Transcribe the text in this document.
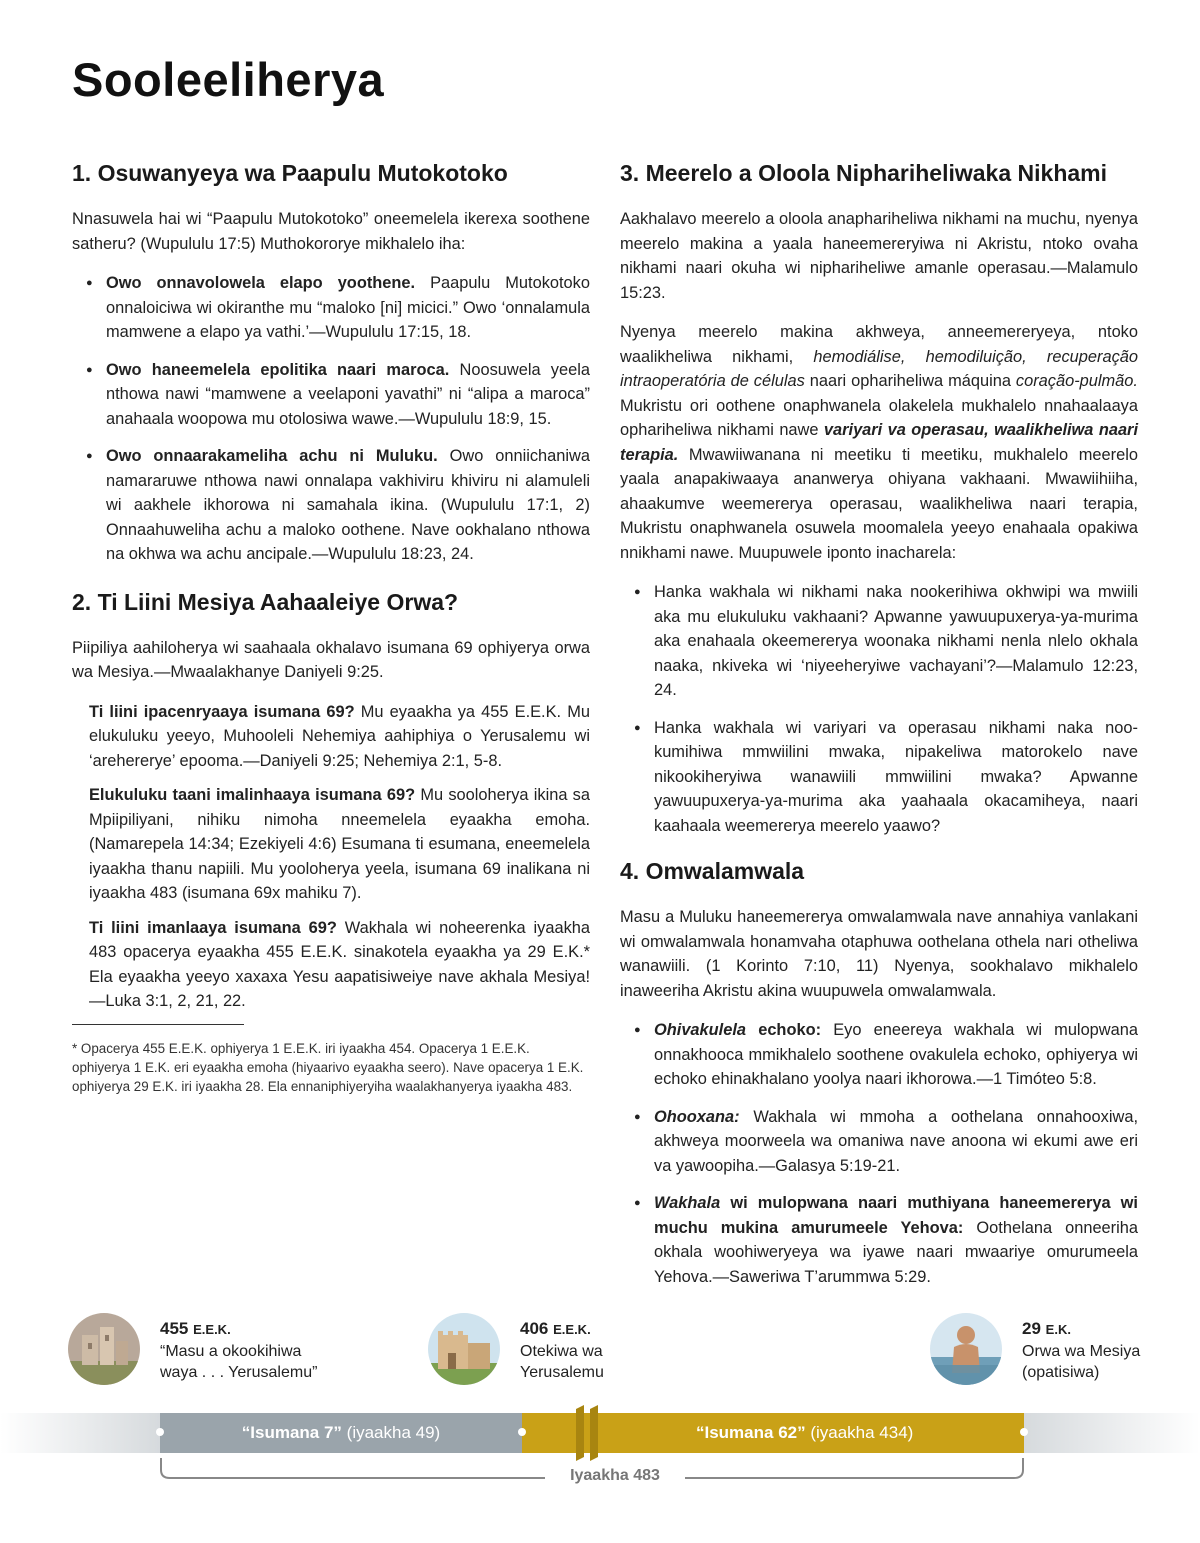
Sooleeliherya
1. Osuwanyeya wa Paapulu Mutokotoko

Nnasuwela hai wi “Paapulu Mutokotoko” oneemelela ikerexa soothene satheru? (Wupululu 17:5) Muthokororye mikhalelo iha:

● Owo onnavolowela elapo yoothene. Paapulu Mutokotoko onnaloiciwa wi okiranthe mu “maloko [ni] micici.” Owo ‘onnalamula mamwene a elapo ya vathi.’—Wupululu 17:15, 18.
● Owo haneemelela epolitika naari maroca. Noosuwela yeela nthowa nawi “mamwene a veelaponi yavathi” ni “alipa a maroca” anahaala woopowa mu otolosiwa wawe.—Wupululu 18:9, 15.
● Owo onnaarakameliha achu ni Muluku. Owo onniichaniwa namararuwe nthowa nawi onnalapa vakhiviru khiviru ni alamuleli wi aakhele ikhorowa ni samahala ikina. (Wupululu 17:1, 2) Onnaahuweliha achu a maloko oothene. Nave ookhalano nthowa na okhwa wa achu ancipale.—Wupululu 18:23, 24.
2. Ti Liini Mesiya Aahaaleiye Orwa?

Piipiliya aahiloherya wi saahaala okhalavo isumana 69 ophiyerya orwa wa Mesiya.—Mwaalakhanye Daniyeli 9:25.

Ti liini ipacenryaaya isumana 69? Mu eyaakha ya 455 E.E.K. Mu elukuluku yeeyo, Muhooleli Nehemiya aahiphiya o Yerusalemu wi ‘arehererye’ epooma.—Daniyeli 9:25; Nehemiya 2:1, 5-8.
Elukuluku taani imalinhaaya isumana 69? Mu sooloherya ikina sa Mpiipiliyani, nihiku nimoha nneemelela eyaakha emoha. (Namarepela 14:34; Ezekiyeli 4:6) Esumana ti esumana, eneemelela iyaakha thanu napiili. Mu yooloherya yeela, isumana 69 inalikana ni iyaakha 483 (isumana 69x mahiku 7).
Ti liini imanlaaya isumana 69? Wakhala wi noheerenka iyaakha 483 opacerya eyaakha 455 E.E.K. sinakotela eyaakha ya 29 E.K.* Ela eyaakha yeeyo xaxaxa Yesu aapatisiweiye nave akhala Mesiya!—Luka 3:1, 2, 21, 22.

* Opacerya 455 E.E.K. ophiyerya 1 E.E.K. iri iyaakha 454. Opacerya 1 E.E.K. ophiyerya 1 E.K. eri eyaakha emoha (hiyaarivo eyaakha seero). Nave opacerya 1 E.K. ophiyerya 29 E.K. iri iyaakha 28. Ela ennaniphiyeryiha waalakhanyerya iyaakha 483.

3. Meerelo a Oloola Niphariheliwaka Nikhami

Aakhalavo meerelo a oloola anaphariheliwa nikhami na muchu, nyenya meerelo makina a yaala haneemereryiwa ni Akristu, ntoko ovaha nikhami naari okuha wi niphariheliwe amanle operasau.—Malamulo 15:23.

Nyenya meerelo makina akhweya, anneemereryeya, ntoko waalikheliwa nikhami, hemodiálise, hemodiluição, recuperação intraoperatória de células naari ophariheliwa máquina coração-pulmão. Mukristu ori oothene onaphwanela olakelela mukhalelo nnahaalaaya ophariheliwa nikhami nawe variyari va operasau, waalikheliwa naari terapia. Mwawiiwanana ni meetiku ti meetiku, mukhalelo meerelo yaala anapakiwaaya ananwerya ohiyana vakhaani. Mwawiihiiha, ahaakumve weemererya operasau, waalikheliwa naari terapia, Mukristu onaphwanela osuwela moomalela yeeyo enahaala opakiwa nnikhami nawe. Muupuwele iponto inacharela:

● Hanka wakhala wi nikhami naka nookerihiwa okhwipi wa mwiili aka mu elukuluku vakhaani? Apwanne yawuupuxerya-ya-murima aka enahaala okeemererya woonaka nikhami nenla nlelo okhala naaka, nkiveka wi ‘niyeeheryiwe vachayani’?—Malamulo 12:23, 24.
● Hanka wakhala wi variyari va operasau nikhami naka nookumihiwa mmwiilini mwaka, nipakeliwa matorokelo nave nikookiheryiwa wanawiili mmwiilini mwaka? Apwanne yawuupuxerya-ya-murima aka yaahaala okacamiheya, naari kaahaala weemererya meerelo yaawo?
4. Omwalamwala

Masu a Muluku haneemererya omwalamwala nave annahiya vanlakani wi omwalamwala honamvaha otaphuwa oothelana othela nari otheliwa wanawiili. (1 Korinto 7:10, 11) Nyenya, sookhalavo mikhalelo inaweeriha Akristu akina wuupuwela omwalamwala.

● Ohivakulela echoko: Eyo eneereya wakhala wi mulopwana onnakhooca mmikhalelo soothene ovakulela echoko, ophiyerya wi echoko ehinakhalano yoolya naari ikhorowa.—1 Timóteo 5:8.
● Ohooxana: Wakhala wi mmoha a oothelana onnahooxiwa, akhweya moorweela wa omaniwa nave anoona wi ekumi awe eri va yawoopiha.—Galasya 5:19-21.
● Wakhala wi mulopwana naari muthiyana haneemererya wi muchu mukina amurumeele Yehova: Oothelana onneeriha okhala woohiweryeya wa iyawe naari mwaariye omurumeela Yehova.—Saweriwa T’arummwa 5:29.
455 E.E.K.
“Masu a okookihiwa
waya . . . Yerusalemu”
406 E.E.K.
Otekiwa wa
Yerusalemu
29 E.K.
Orwa wa Mesiya
(opatisiwa)
“Isumana 7” (iyaakha 49)	“Isumana 62” (iyaakha 434)
Iyaakha 483
